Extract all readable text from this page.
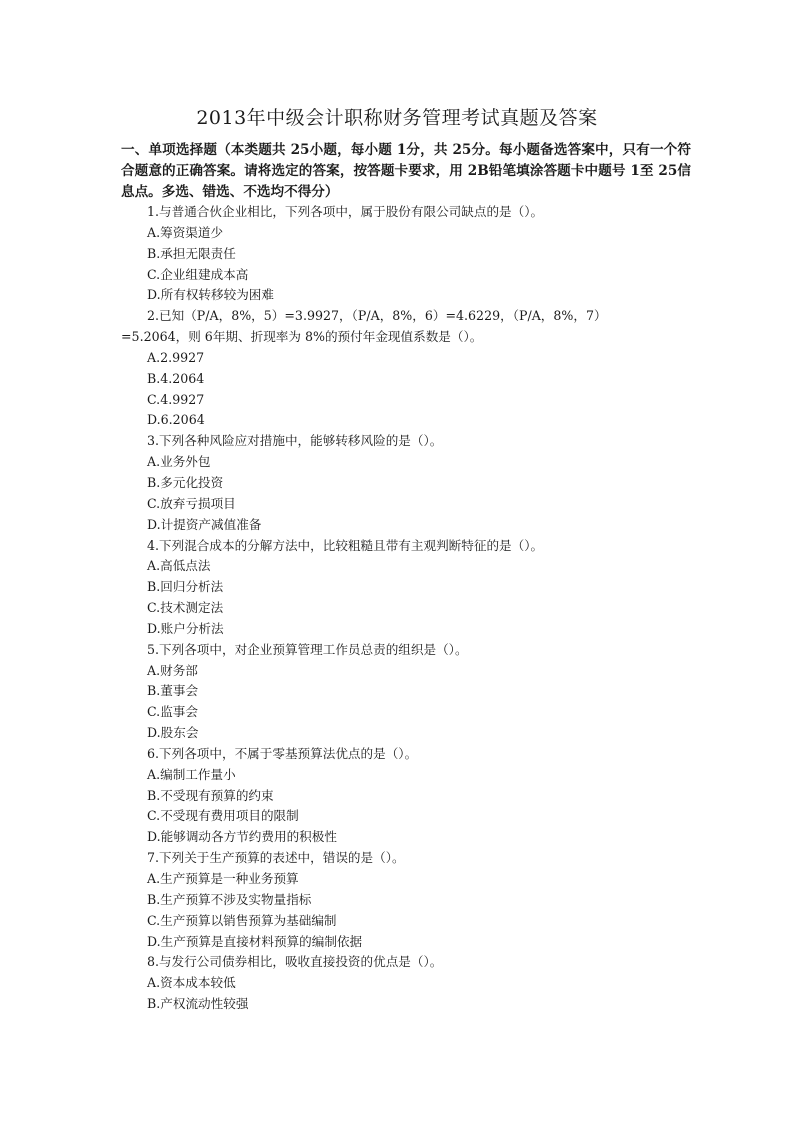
2013年中级会计职称财务管理考试真题及答案
一、单项选择题（本类题共 25小题，每小题 1分，共 25分。每小题备选答案中，只有一个符合题意的正确答案。请将选定的答案，按答题卡要求，用 2B铅笔填涂答题卡中题号 1至 25信息点。多选、错选、不选均不得分）
1.与普通合伙企业相比，下列各项中，属于股份有限公司缺点的是（）。
A.筹资渠道少
B.承担无限责任
C.企业组建成本高
D.所有权转移较为困难
2.已知（P/A，8%，5）=3.9927，（P/A，8%，6）=4.6229，（P/A，8%，7）
=5.2064，则 6年期、折现率为 8%的预付年金现值系数是（）。
A.2.9927
B.4.2064
C.4.9927
D.6.2064
3.下列各种风险应对措施中，能够转移风险的是（）。
A.业务外包
B.多元化投资
C.放弃亏损项目
D.计提资产减值准备
4.下列混合成本的分解方法中，比较粗糙且带有主观判断特征的是（）。
A.高低点法
B.回归分析法
C.技术测定法
D.账户分析法
5.下列各项中，对企业预算管理工作员总责的组织是（）。
A.财务部
B.董事会
C.监事会
D.股东会
6.下列各项中，不属于零基预算法优点的是（）。
A.编制工作量小
B.不受现有预算的约束
C.不受现有费用项目的限制
D.能够调动各方节约费用的积极性
7.下列关于生产预算的表述中，错误的是（）。
A.生产预算是一种业务预算
B.生产预算不涉及实物量指标
C.生产预算以销售预算为基础编制
D.生产预算是直接材料预算的编制依据
8.与发行公司债券相比，吸收直接投资的优点是（）。
A.资本成本较低
B.产权流动性较强
